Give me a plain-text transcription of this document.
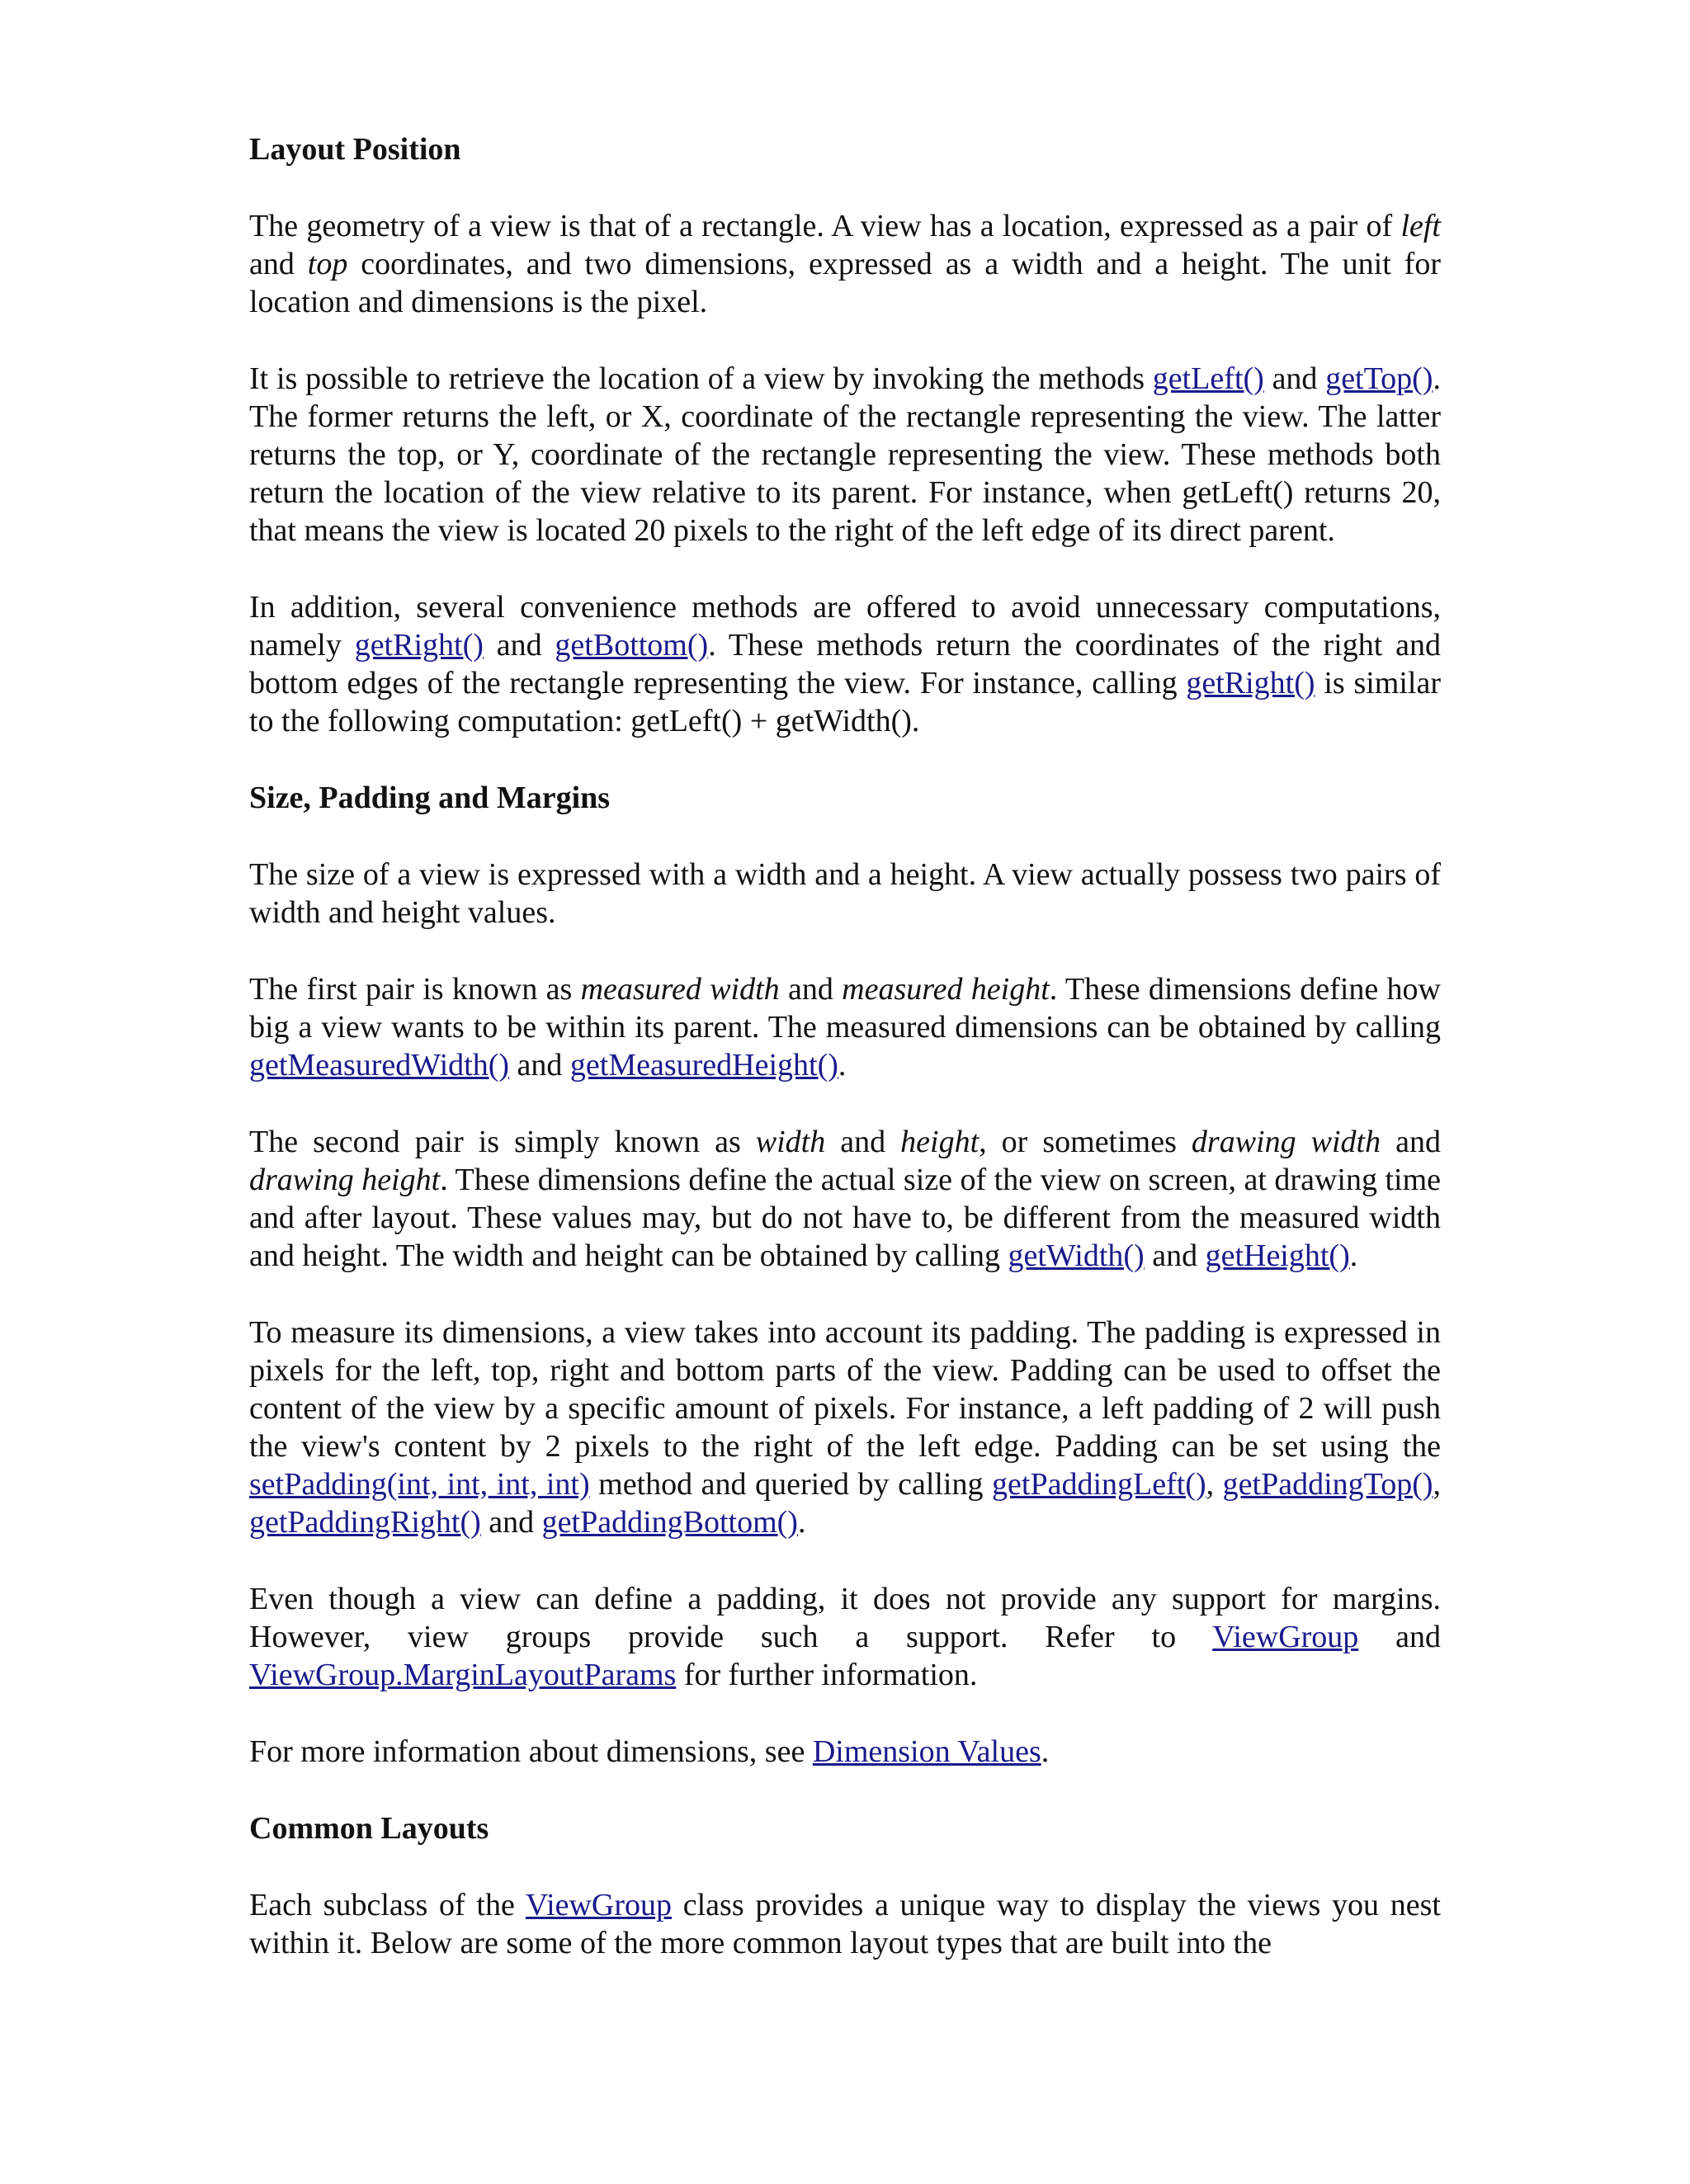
Layout Position

The geometry of a view is that of a rectangle. A view has a location, expressed as a pair of left and top coordinates, and two dimensions, expressed as a width and a height. The unit for location and dimensions is the pixel.

It is possible to retrieve the location of a view by invoking the methods getLeft() and getTop(). The former returns the left, or X, coordinate of the rectangle representing the view. The latter returns the top, or Y, coordinate of the rectangle representing the view. These methods both return the location of the view relative to its parent. For instance, when getLeft() returns 20, that means the view is located 20 pixels to the right of the left edge of its direct parent.

In addition, several convenience methods are offered to avoid unnecessary computations, namely getRight() and getBottom(). These methods return the coordinates of the right and bottom edges of the rectangle representing the view. For instance, calling getRight() is similar to the following computation: getLeft() + getWidth().

Size, Padding and Margins

The size of a view is expressed with a width and a height. A view actually possess two pairs of width and height values.

The first pair is known as measured width and measured height. These dimensions define how big a view wants to be within its parent. The measured dimensions can be obtained by calling getMeasuredWidth() and getMeasuredHeight().

The second pair is simply known as width and height, or sometimes drawing width and drawing height. These dimensions define the actual size of the view on screen, at drawing time and after layout. These values may, but do not have to, be different from the measured width and height. The width and height can be obtained by calling getWidth() and getHeight().

To measure its dimensions, a view takes into account its padding. The padding is expressed in pixels for the left, top, right and bottom parts of the view. Padding can be used to offset the content of the view by a specific amount of pixels. For instance, a left padding of 2 will push the view's content by 2 pixels to the right of the left edge. Padding can be set using the setPadding(int, int, int, int) method and queried by calling getPaddingLeft(), getPaddingTop(), getPaddingRight() and getPaddingBottom().

Even though a view can define a padding, it does not provide any support for margins. However, view groups provide such a support. Refer to ViewGroup and ViewGroup.MarginLayoutParams for further information.

For more information about dimensions, see Dimension Values.

Common Layouts

Each subclass of the ViewGroup class provides a unique way to display the views you nest within it. Below are some of the more common layout types that are built into the
